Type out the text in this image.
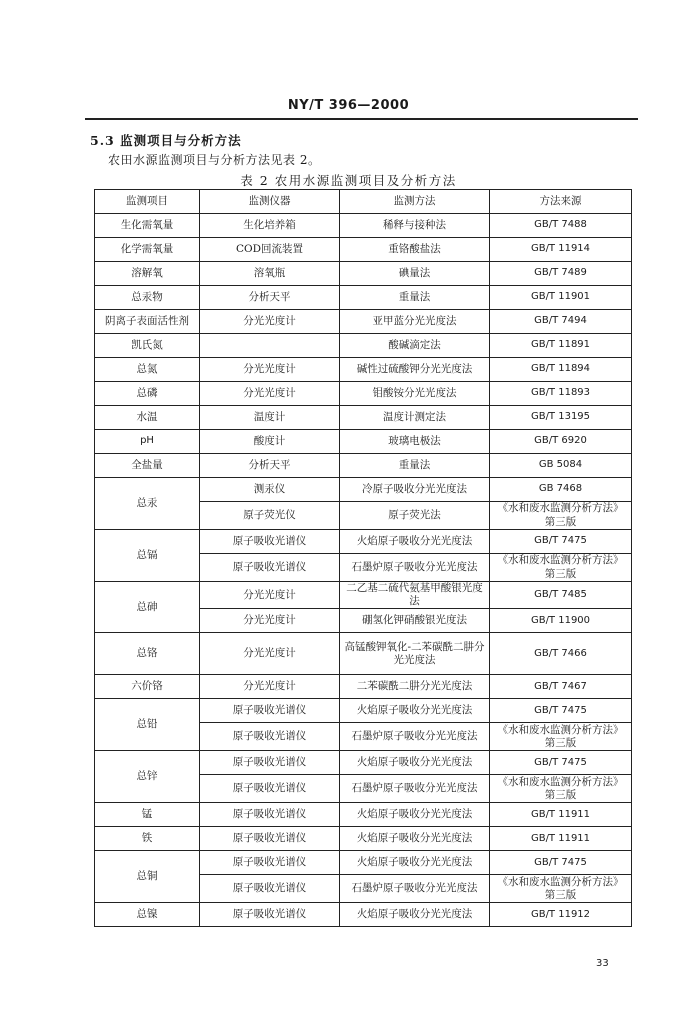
NY/T 396—2000
5.3 监测项目与分析方法
农田水源监测项目与分析方法见表 2。
表 2 农用水源监测项目及分析方法
监测项目	监测仪器	监测方法	方法来源
生化需氧量	生化培养箱	稀释与接种法	GB/T 7488
化学需氧量	COD回流装置	重铬酸盐法	GB/T 11914
溶解氧	溶氧瓶	碘量法	GB/T 7489
总汞物	分析天平	重量法	GB/T 11901
阴离子表面活性剂	分光光度计	亚甲蓝分光光度法	GB/T 7494
凯氏氮		酸碱滴定法	GB/T 11891
总氮	分光光度计	碱性过硫酸钾分光光度法	GB/T 11894
总磷	分光光度计	钼酸铵分光光度法	GB/T 11893
水温	温度计	温度计测定法	GB/T 13195
pH	酸度计	玻璃电极法	GB/T 6920
全盐量	分析天平	重量法	GB 5084
总汞	测汞仪	冷原子吸收分光光度法	GB 7468
	原子荧光仪	原子荧光法	《水和废水监测分析方法》第三版
总镉	原子吸收光谱仪	火焰原子吸收分光光度法	GB/T 7475
	原子吸收光谱仪	石墨炉原子吸收分光光度法	《水和废水监测分析方法》第三版
总砷	分光光度计	二乙基二硫代氨基甲酸银光度法	GB/T 7485
	分光光度计	硼氢化钾硝酸银光度法	GB/T 11900
总铬	分光光度计	高锰酸钾氧化-二苯碳酰二肼分光光度法	GB/T 7466
六价铬	分光光度计	二苯碳酰二肼分光光度法	GB/T 7467
总铅	原子吸收光谱仪	火焰原子吸收分光光度法	GB/T 7475
	原子吸收光谱仪	石墨炉原子吸收分光光度法	《水和废水监测分析方法》第三版
总锌	原子吸收光谱仪	火焰原子吸收分光光度法	GB/T 7475
	原子吸收光谱仪	石墨炉原子吸收分光光度法	《水和废水监测分析方法》第三版
锰	原子吸收光谱仪	火焰原子吸收分光光度法	GB/T 11911
铁	原子吸收光谱仪	火焰原子吸收分光光度法	GB/T 11911
总铜	原子吸收光谱仪	火焰原子吸收分光光度法	GB/T 7475
	原子吸收光谱仪	石墨炉原子吸收分光光度法	《水和废水监测分析方法》第三版
总镍	原子吸收光谱仪	火焰原子吸收分光光度法	GB/T 11912
33
